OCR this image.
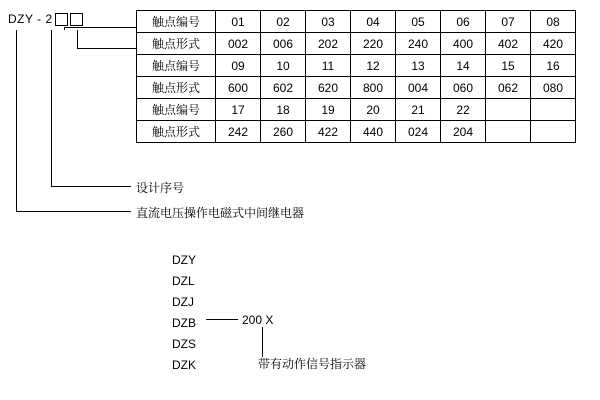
DZY - 2
设计序号
直流电压操作电磁式中间继电器
触点编号	01	02	03	04	05	06	07	08
触点形式	002	006	202	220	240	400	402	420
触点编号	09	10	11	12	13	14	15	16
触点形式	600	602	620	800	004	060	062	080
触点编号	17	18	19	20	21	22		
触点形式	242	260	422	440	024	204		
DZY
DZL
DZJ
DZB
DZS
DZK
200 X
带有动作信号指示器
